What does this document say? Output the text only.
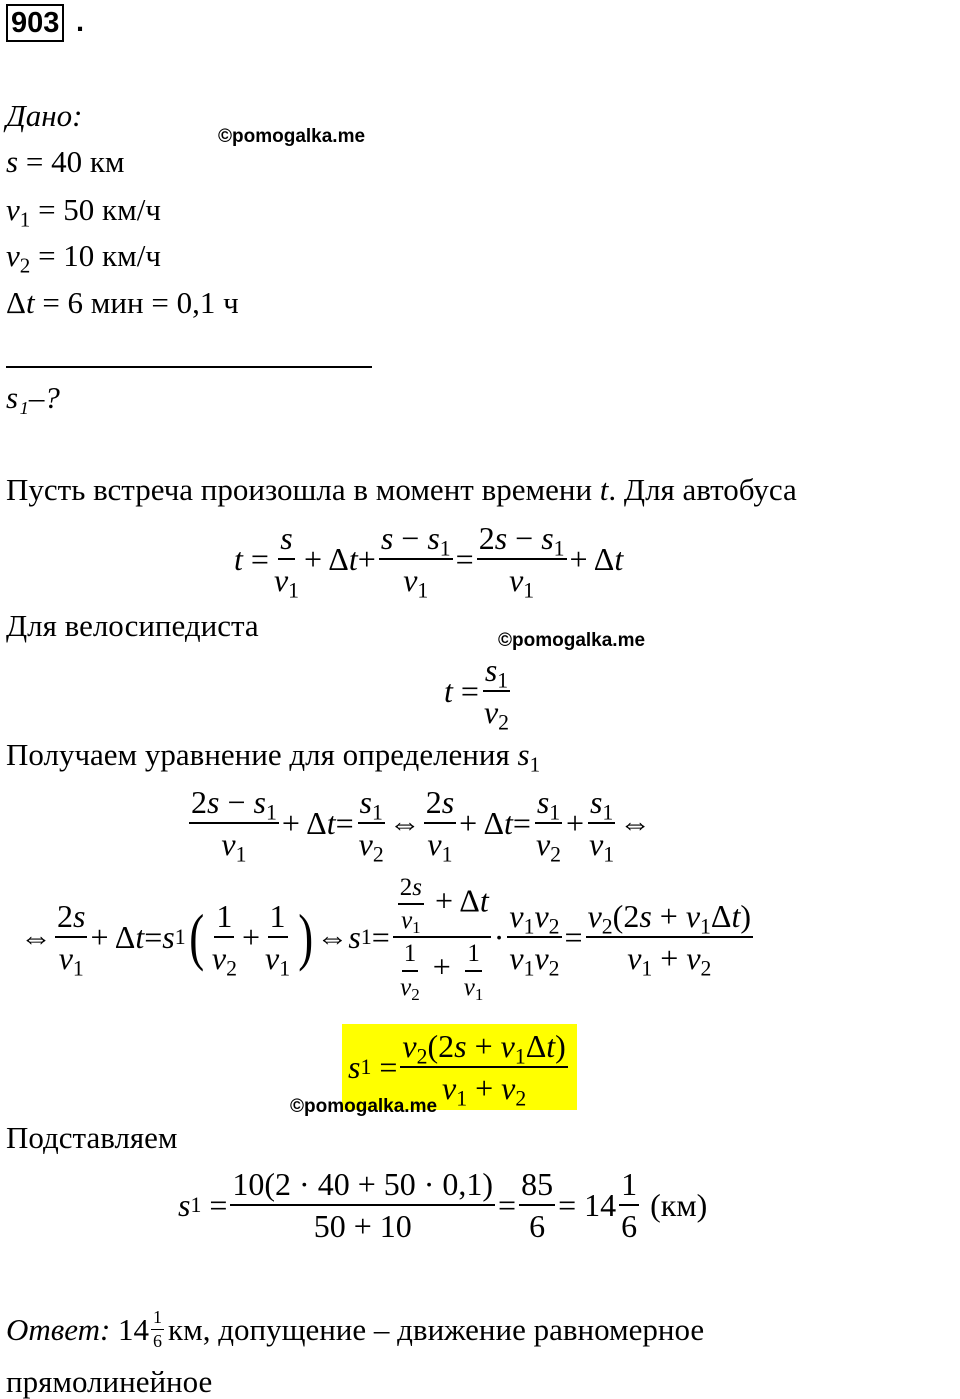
903 .
Дано:
©pomogalka.me
s = 40 км
$v_1 = 50$ км/ч
$v_2 = 10$ км/ч
Δt = 6 мин = 0,1 ч
s₁–?
Пусть встреча произошла в момент времени t. Для автобуса
$t = \frac{s}{v_1} + \Delta$ $t + \frac{s - s_1}{v_1} = \frac{2s - s_1}{v_1} + \Delta$ t
Для велосипедиста	©pomogalka.me
$t = \frac{s_1}{v_2}$
Получаем уравнение для определения $s_1$
$\frac{2s - s_1}{v_1} + \Delta$ $t = \frac{s_1}{v_2}$ ⇔ $\frac{2s}{v_1} + \Delta$ $t = \frac{s_1}{v_2} + \frac{s_1}{v_1}$ ⇔
⇔ $\frac{2s}{v_1} + \Delta$ t = s 1 ( $\frac{1}{v_2} + \frac{1}{v_1}$ ) ⇔ s $1 = \frac{\frac{2s}{v_1} + \Delta t}{\frac{1}{v_2} + \frac{1}{v_1}} \cdot \frac{v_1v_2}{v_1v_2} = \frac{v_2(2s + v_1\Delta t)}{v_1 + v_2}$
s $1 = \frac{v_2(2s + v_1\Delta t)}{v_1 + v_2}$
©pomogalka.me
Подставляем
s $1 = \frac{10(2 \cdot 40 + 50 \cdot 0,1)}{50 + 10} = \frac{85}{6} = 14 \frac{1}{6}$
(км)
Ответ:
$14 \frac{1}{6}$ км, допущение – движение равномерное
прямолинейное
